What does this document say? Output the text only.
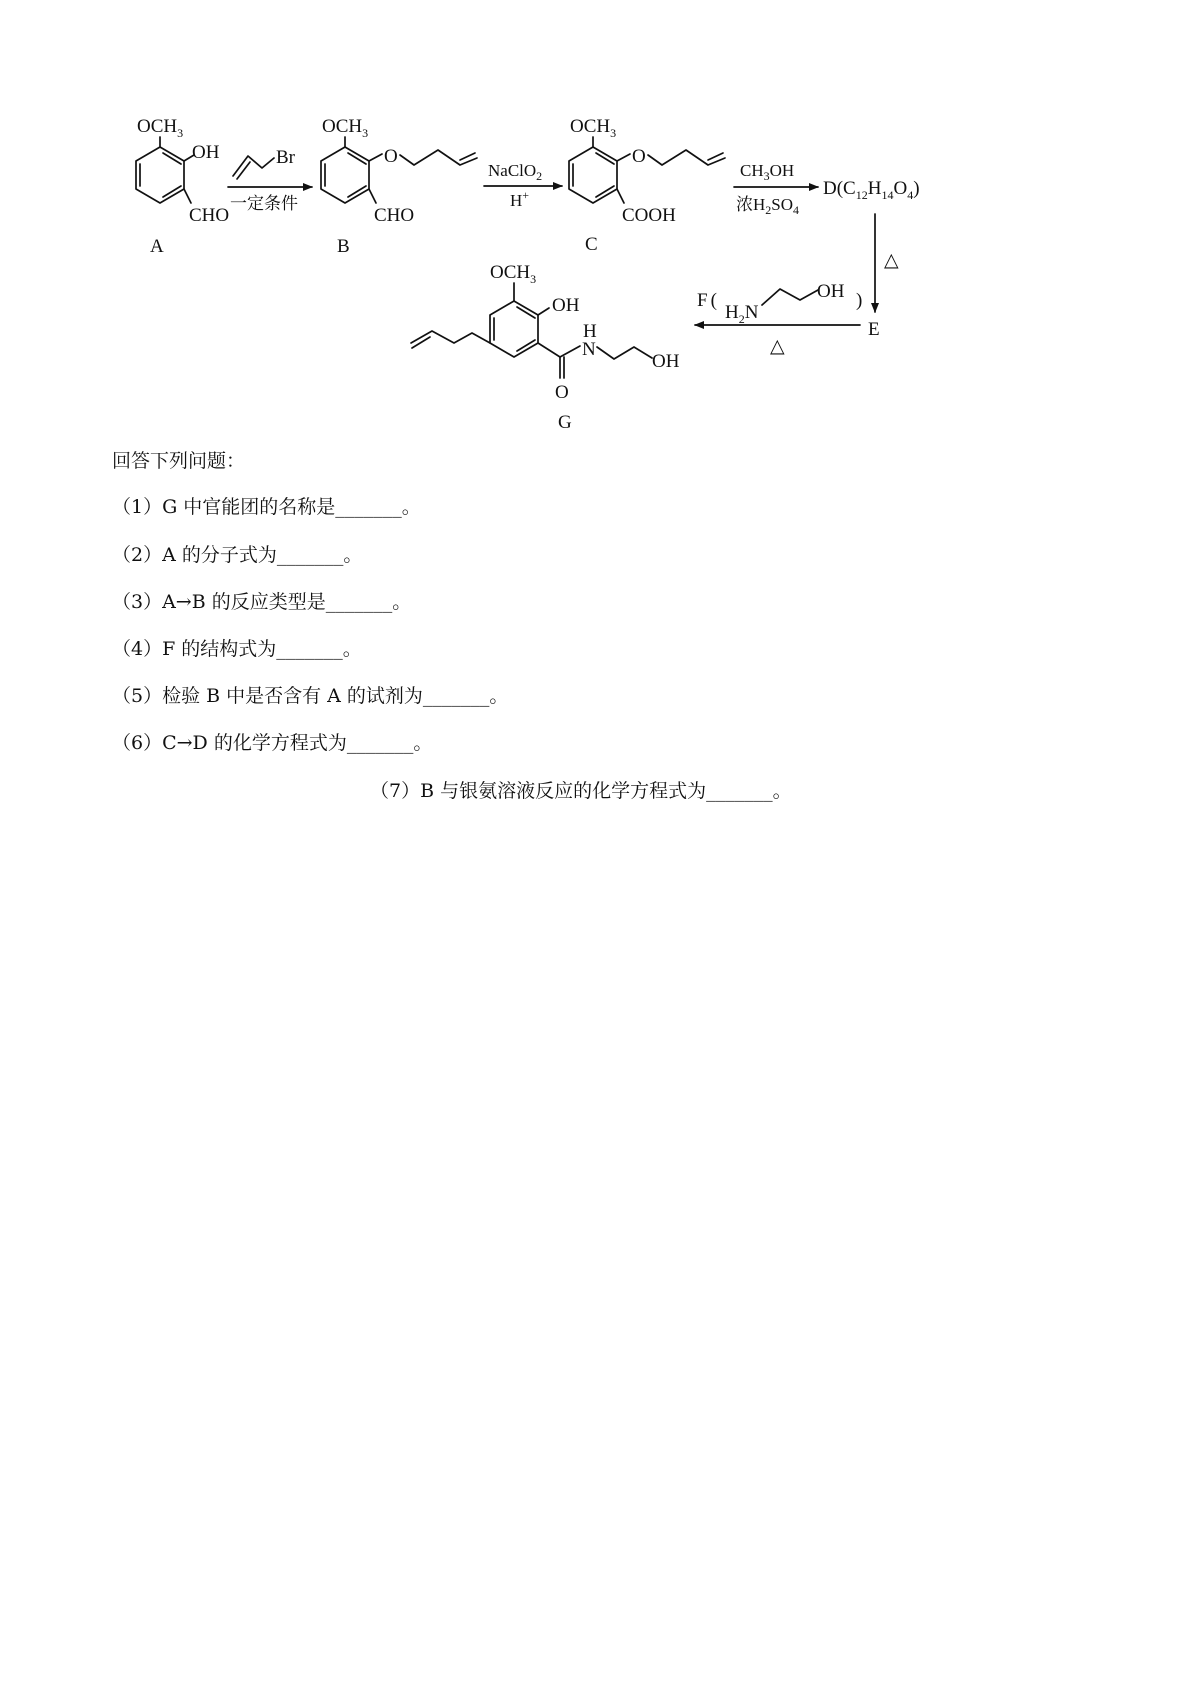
$OCH_3$
OH
CHO
A
Br
一定条件
$OCH_3$
O
CHO
B
NaClO$_2$
H+
$OCH_3$
O
COOH
C
$CH_3OH$
浓$H_2SO_4$
$D(C_{12}H_{14}O_4)$
△
E
F (
$H_2N$
OH )
△
$OCH_3$
OH
H
N
O
OH
G
回答下列问题：
（1）G 中官能团的名称是_______。
（2）A 的分子式为_______。
（3）A→B 的反应类型是_______。
（4）F 的结构式为_______。
（5）检验 B 中是否含有 A 的试剂为_______。
（6）C→D 的化学方程式为_______。
（7）B 与银氨溶液反应的化学方程式为_______。
